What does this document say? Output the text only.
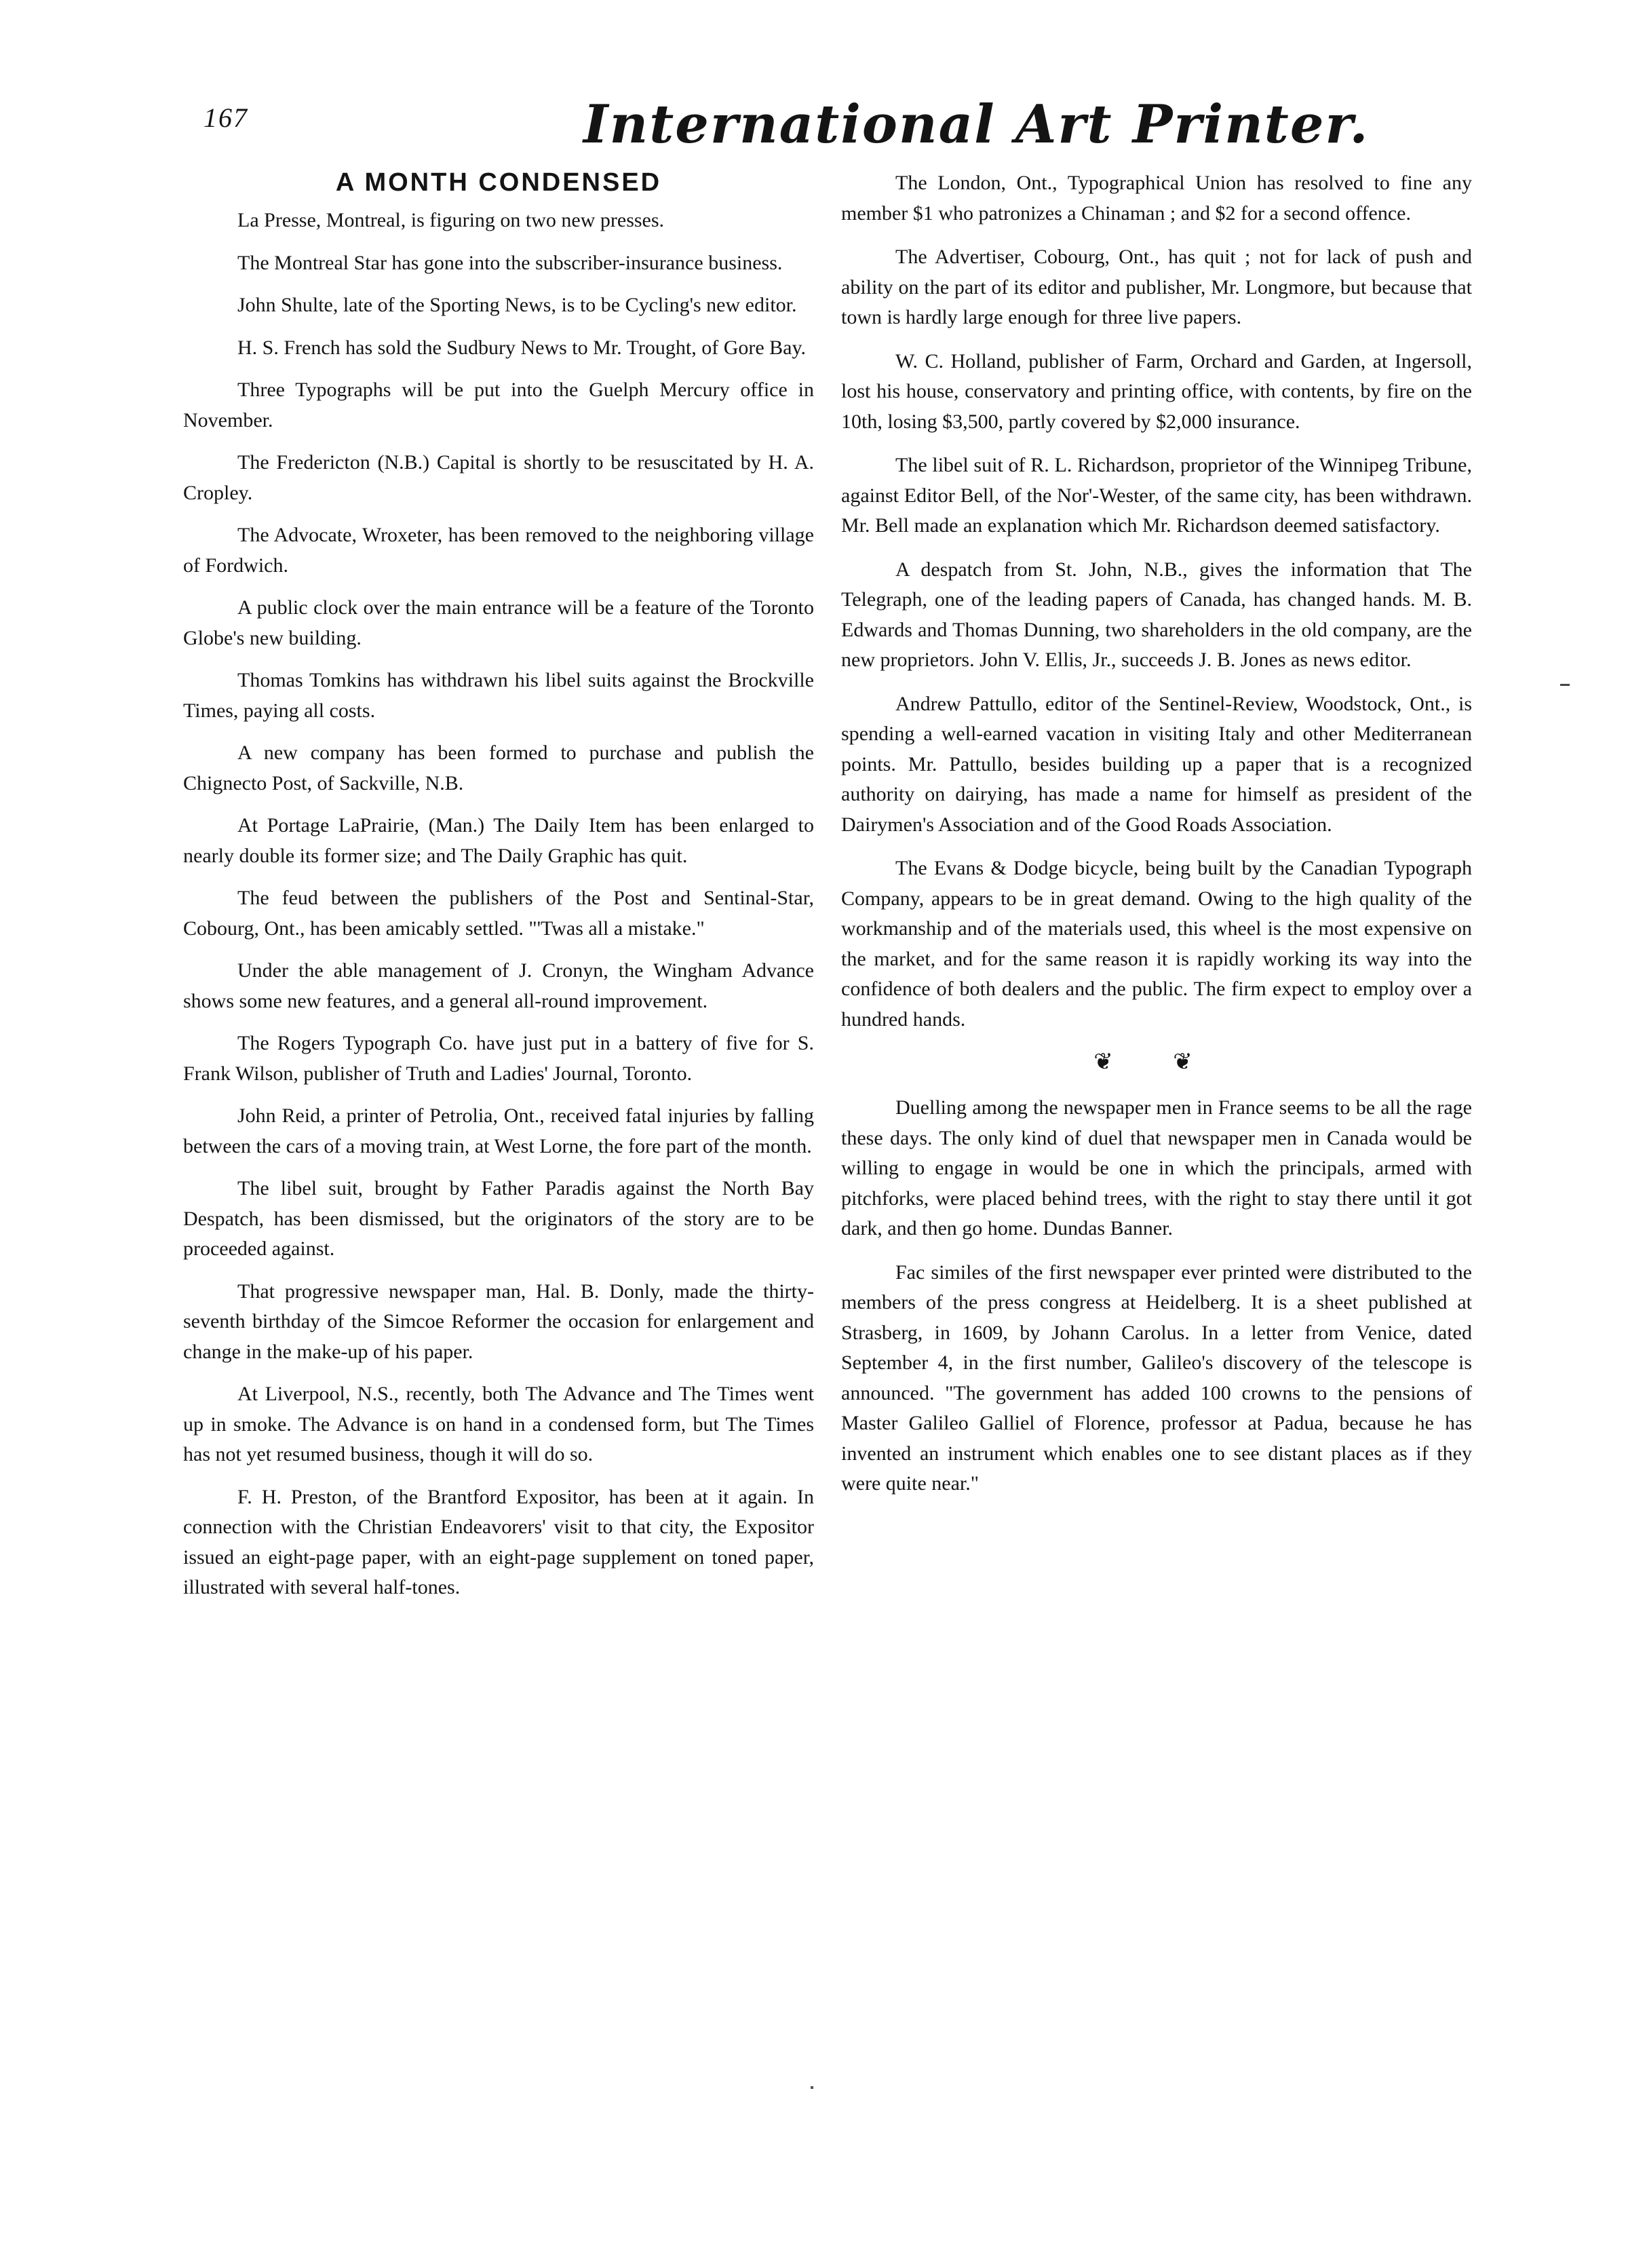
167	International Art Printer.
A MONTH CONDENSED

La Presse, Montreal, is figuring on two new presses.

The Montreal Star has gone into the subscriber-insurance business.

John Shulte, late of the Sporting News, is to be Cycling's new editor.

H. S. French has sold the Sudbury News to Mr. Trought, of Gore Bay.

Three Typographs will be put into the Guelph Mercury office in November.

The Fredericton (N.B.) Capital is shortly to be resuscitated by H. A. Cropley.

The Advocate, Wroxeter, has been removed to the neighboring village of Fordwich.

A public clock over the main entrance will be a feature of the Toronto Globe's new building.

Thomas Tomkins has withdrawn his libel suits against the Brockville Times, paying all costs.

A new company has been formed to purchase and publish the Chignecto Post, of Sackville, N.B.

At Portage LaPrairie, (Man.) The Daily Item has been enlarged to nearly double its former size; and The Daily Graphic has quit.

The feud between the publishers of the Post and Sentinal-Star, Cobourg, Ont., has been amicably settled. "'Twas all a mistake."

Under the able management of J. Cronyn, the Wingham Advance shows some new features, and a general all-round improvement.

The Rogers Typograph Co. have just put in a battery of five for S. Frank Wilson, publisher of Truth and Ladies' Journal, Toronto.

John Reid, a printer of Petrolia, Ont., received fatal injuries by falling between the cars of a moving train, at West Lorne, the fore part of the month.

The libel suit, brought by Father Paradis against the North Bay Despatch, has been dismissed, but the originators of the story are to be proceeded against.

That progressive newspaper man, Hal. B. Donly, made the thirty-seventh birthday of the Simcoe Reformer the occasion for enlargement and change in the make-up of his paper.

At Liverpool, N.S., recently, both The Advance and The Times went up in smoke. The Advance is on hand in a condensed form, but The Times has not yet resumed business, though it will do so.

F. H. Preston, of the Brantford Expositor, has been at it again. In connection with the Christian Endeavorers' visit to that city, the Expositor issued an eight-page paper, with an eight-page supplement on toned paper, illustrated with several half-tones.

The London, Ont., Typographical Union has resolved to fine any member $1 who patronizes a Chinaman ; and $2 for a second offence.

The Advertiser, Cobourg, Ont., has quit ; not for lack of push and ability on the part of its editor and publisher, Mr. Longmore, but because that town is hardly large enough for three live papers.

W. C. Holland, publisher of Farm, Orchard and Garden, at Ingersoll, lost his house, conservatory and printing office, with contents, by fire on the 10th, losing $3,500, partly covered by $2,000 insurance.

The libel suit of R. L. Richardson, proprietor of the Winnipeg Tribune, against Editor Bell, of the Nor'-Wester, of the same city, has been withdrawn. Mr. Bell made an explanation which Mr. Richardson deemed satisfactory.

A despatch from St. John, N.B., gives the information that The Telegraph, one of the leading papers of Canada, has changed hands. M. B. Edwards and Thomas Dunning, two shareholders in the old company, are the new proprietors. John V. Ellis, Jr., succeeds J. B. Jones as news editor.

Andrew Pattullo, editor of the Sentinel-Review, Woodstock, Ont., is spending a well-earned vacation in visiting Italy and other Mediterranean points. Mr. Pattullo, besides building up a paper that is a recognized authority on dairying, has made a name for himself as president of the Dairymen's Association and of the Good Roads Association.

The Evans & Dodge bicycle, being built by the Canadian Typograph Company, appears to be in great demand. Owing to the high quality of the workmanship and of the materials used, this wheel is the most expensive on the market, and for the same reason it is rapidly working its way into the confidence of both dealers and the public. The firm expect to employ over a hundred hands.

❦ ❦

Duelling among the newspaper men in France seems to be all the rage these days. The only kind of duel that newspaper men in Canada would be willing to engage in would be one in which the principals, armed with pitchforks, were placed behind trees, with the right to stay there until it got dark, and then go home. Dundas Banner.

Fac similes of the first newspaper ever printed were distributed to the members of the press congress at Heidelberg. It is a sheet published at Strasberg, in 1609, by Johann Carolus. In a letter from Venice, dated September 4, in the first number, Galileo's discovery of the telescope is announced. "The government has added 100 crowns to the pensions of Master Galileo Galliel of Florence, professor at Padua, because he has invented an instrument which enables one to see distant places as if they were quite near."
